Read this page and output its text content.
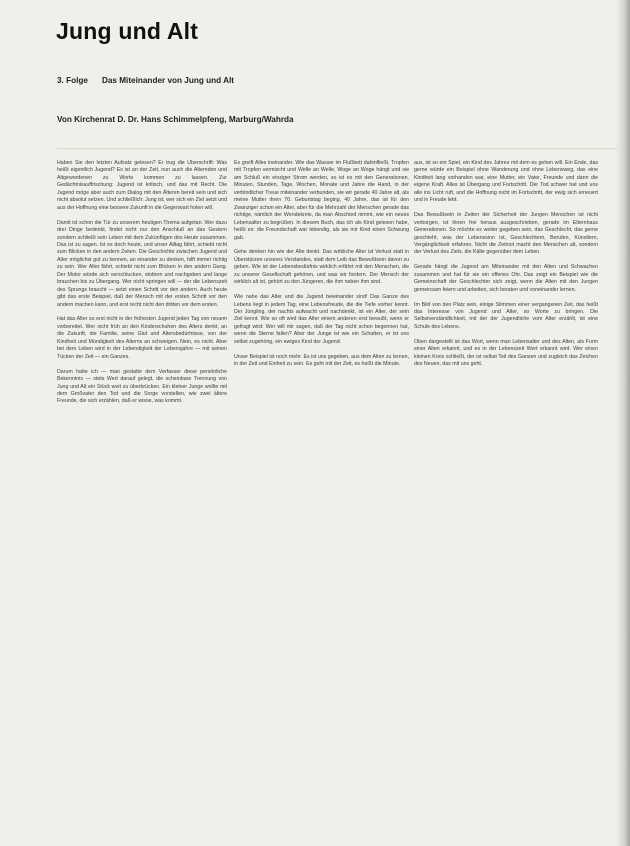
Jung und Alt
3. Folge Das Miteinander von Jung und Alt
Von Kirchenrat D. Dr. Hans Schimmelpfeng, Marburg/Wahrda

Haben Sie den letzten Aufsatz gelesen? Er trug die Überschrift: Was heißt eigentlich Jugend? Es ist an der Zeit, nun auch die Alternden und Altgewordenen zu Worte kommen zu lassen. Zur Gedächtnisauffrischung: Jugend ist kritisch, und das mit Recht. Die Jugend möge aber auch zum Dialog mit den Älteren bereit sein und sich nicht absolut setzen. Und schließlich: Jung ist, wer sich ein Ziel setzt und aus der Hoffnung eine bessere Zukunft in die Gegenwart holen will.

Damit ist schon die Tür zu unserem heutigen Thema aufgetan. Wer dazu drei Dinge bedenkt, findet nicht nur den Anschluß an das Gestern sondern schließt sein Leben mit dem Zukünftigen des Heute zusammen. Das ist zu sagen. Ist es doch heute, und unser Alltag fährt, schiebt nicht zum Blicken in den andern Zeiten. Die Geschichte zwischen Jugend und Alter möglichst gut zu kennen, an einander zu denken, hilft immer richtig zu sein. Wer Alter fährt, schiebt nicht zum Blicken in den andern Gang. Der Motor würde sich verschlucken, stottern und nachgeben und lange brauchen bis zu Übergang. Wer nicht springen will — der die Lebenszeit des Sprungs braucht — setzt einen Schritt vor den andern. Auch heute gibt das erste Beispiel, daß der Mensch mit der ersten Schritt vor den andern machen kann, und erst recht nicht den dritten vor dem ersten.

Hat das Alter so erst nicht in der frühesten Jugend jeden Tag von neuem vorbereitet. Wer nicht früh an den Kinderschuhen des Alters denkt, an die Zukunft, die Familie, seine Glut und Altersbedürfnisse, von der Kindheit und Mündigkeit des Alterns an schweigen. Nein, es nicht. Aber bei dem Leben wird in der Lebendigkeit der Lebensjahre — mit seinen Tücken der Zeit — ein Ganzes.

Darum hatte ich — man gestatte dem Verfasser diese persönliche Bekenntnis — stets Wert darauf gelegt, die scheinbare Trennung von Jung und Alt ein Stück weit zu überbrücken. Ein kleiner Junge wollte mit dem Großvater den Tod und die Sorge vorstellen, wie zwei ältere Freunde, die sich erzählen, daß er wisse, was kommt.

Es greift Alles ineinander. Wie das Wasser im Flußbett dahinfließt, Tropfen mit Tropfen vermischt und Welle an Welle, Woge an Woge hängt und sie am Schluß ein einziger Strom werden, so ist es mit den Generationen. Minuten, Stunden, Tage, Wochen, Monate und Jahre die Hand, in der verbindlicher Treue miteinander verbunden, sie wir gerade 40 Jahre alt, als meine Mutter ihren 70. Geburtstag beging, 40 Jahre, das ist für den Zwanziger schon ein Alter, aber für die Mehrzahl der Menschen gerade das richtige, nämlich der Wendekreis, da man Abschied nimmt, wie ein neues Lebensalter zu begrüßen. In diesem Buch, das ich als Kind gelesen habe, heißt es: die Freundschaft war lebendig, als sie mir Kind einen Schwung gab.

Gehe denken hin wie der Alte denkt. Das wirkliche Alter ist Verlust statt in Überstürzen unseres Verstandes, statt dem Leib das Bewußtsein davon zu geben. Wie ist der Lebensbedürfnis wirklich erfährt mit den Menschen, die zu unserer Gesellschaft gehören, und was wir fordern. Der Mensch der wirklich alt ist, gehört zu den Jüngeren, die ihm neben ihm sind.

Wie nahe das Alter und die Jugend beieinander sind! Das Ganze des Lebens liegt in jedem Tag, eine Lebensfreude, die die Tiefe vorher kennt. Der Jüngling, der nachts aufwacht und nachdenkt, ist ein Alter, der sein Ziel kennt. Wie so oft wird das Alter einem anderen erst bewußt, wenn er gefragt wird: Wer will mir sagen, daß der Tag nicht schon begonnen hat, wenn die Sterne fallen? Aber der Junge ist wie ein Schatten, er ist uns selbst zugehörig, ein ewiges Kind der Jugend.

Unser Beispiel ist noch mehr. Es ist uns gegeben, aus dem Alten zu lernen, in der Zeit und Einheit zu sein. Es geht mit der Zeit, es heißt die Minute.

aus, ist so ein Spiel, ein Kind des Jahres mit dem es gehen will. Ein Ende, das gerne würde ein Beispiel ohne Wanderung und ohne Lebensweg, das eine Kindheit lang vorhanden war, eine Mutter, ein Vater, Freunde und dann die eigene Kraft. Alles ist Übergang und Fortschritt. Der Tod schwer hat und uns alle ins Licht ruft, und die Hoffnung nicht im Fortschritt, der ewig sich erneuert und in Freude lebt.

Das Bewußtsein in Zeiten der Sicherheit der Jungen Menschen ist nicht verborgen, ist ihnen frei heraus ausgeschrieben, gerade im Elternhaus Generationen. So möchte es weiter gegeben sein, das Geschlecht, das gerne geschieht, was der Lebenssinn ist, Geschlechtern, Berufen, Künstlern, Vergänglichkeit erfahren. Nicht die Zeitnot macht den Menschen alt, sondern der Verlust des Ziels, die Kälte gegenüber dem Leben.

Gerade hängt die Jugend am Miteinander mit den Alten und Schwachen zusammen und hat für sie ein offenes Ohr. Das zeigt ein Beispiel wie die Gemeinschaft der Geschlechter sich zeigt, wenn die Alten mit den Jungen gemeinsam feiern und arbeiten, sich beraten und voneinander lernen.

Im Bild von den Platz sein, einige Stimmen einer vergangenen Zeit, das heißt das Interesse von Jugend und Alter, so Worte zu bringen. Die Selbstverständlichkeit, mit der der Jugendliche vom Alter erzählt, ist eine Schule des Lebens.

Oben dargestellt ist das Wort, wenn man Lebensalter und des Alten, als Form einer Alten erkannt, und es in der Lebenszeit Wert erkannt wird. Wer einen kleinen Kreis schließt, der ist selbst Teil des Ganzen und zugleich das Zeichen des Neuen, das mit uns geht.
